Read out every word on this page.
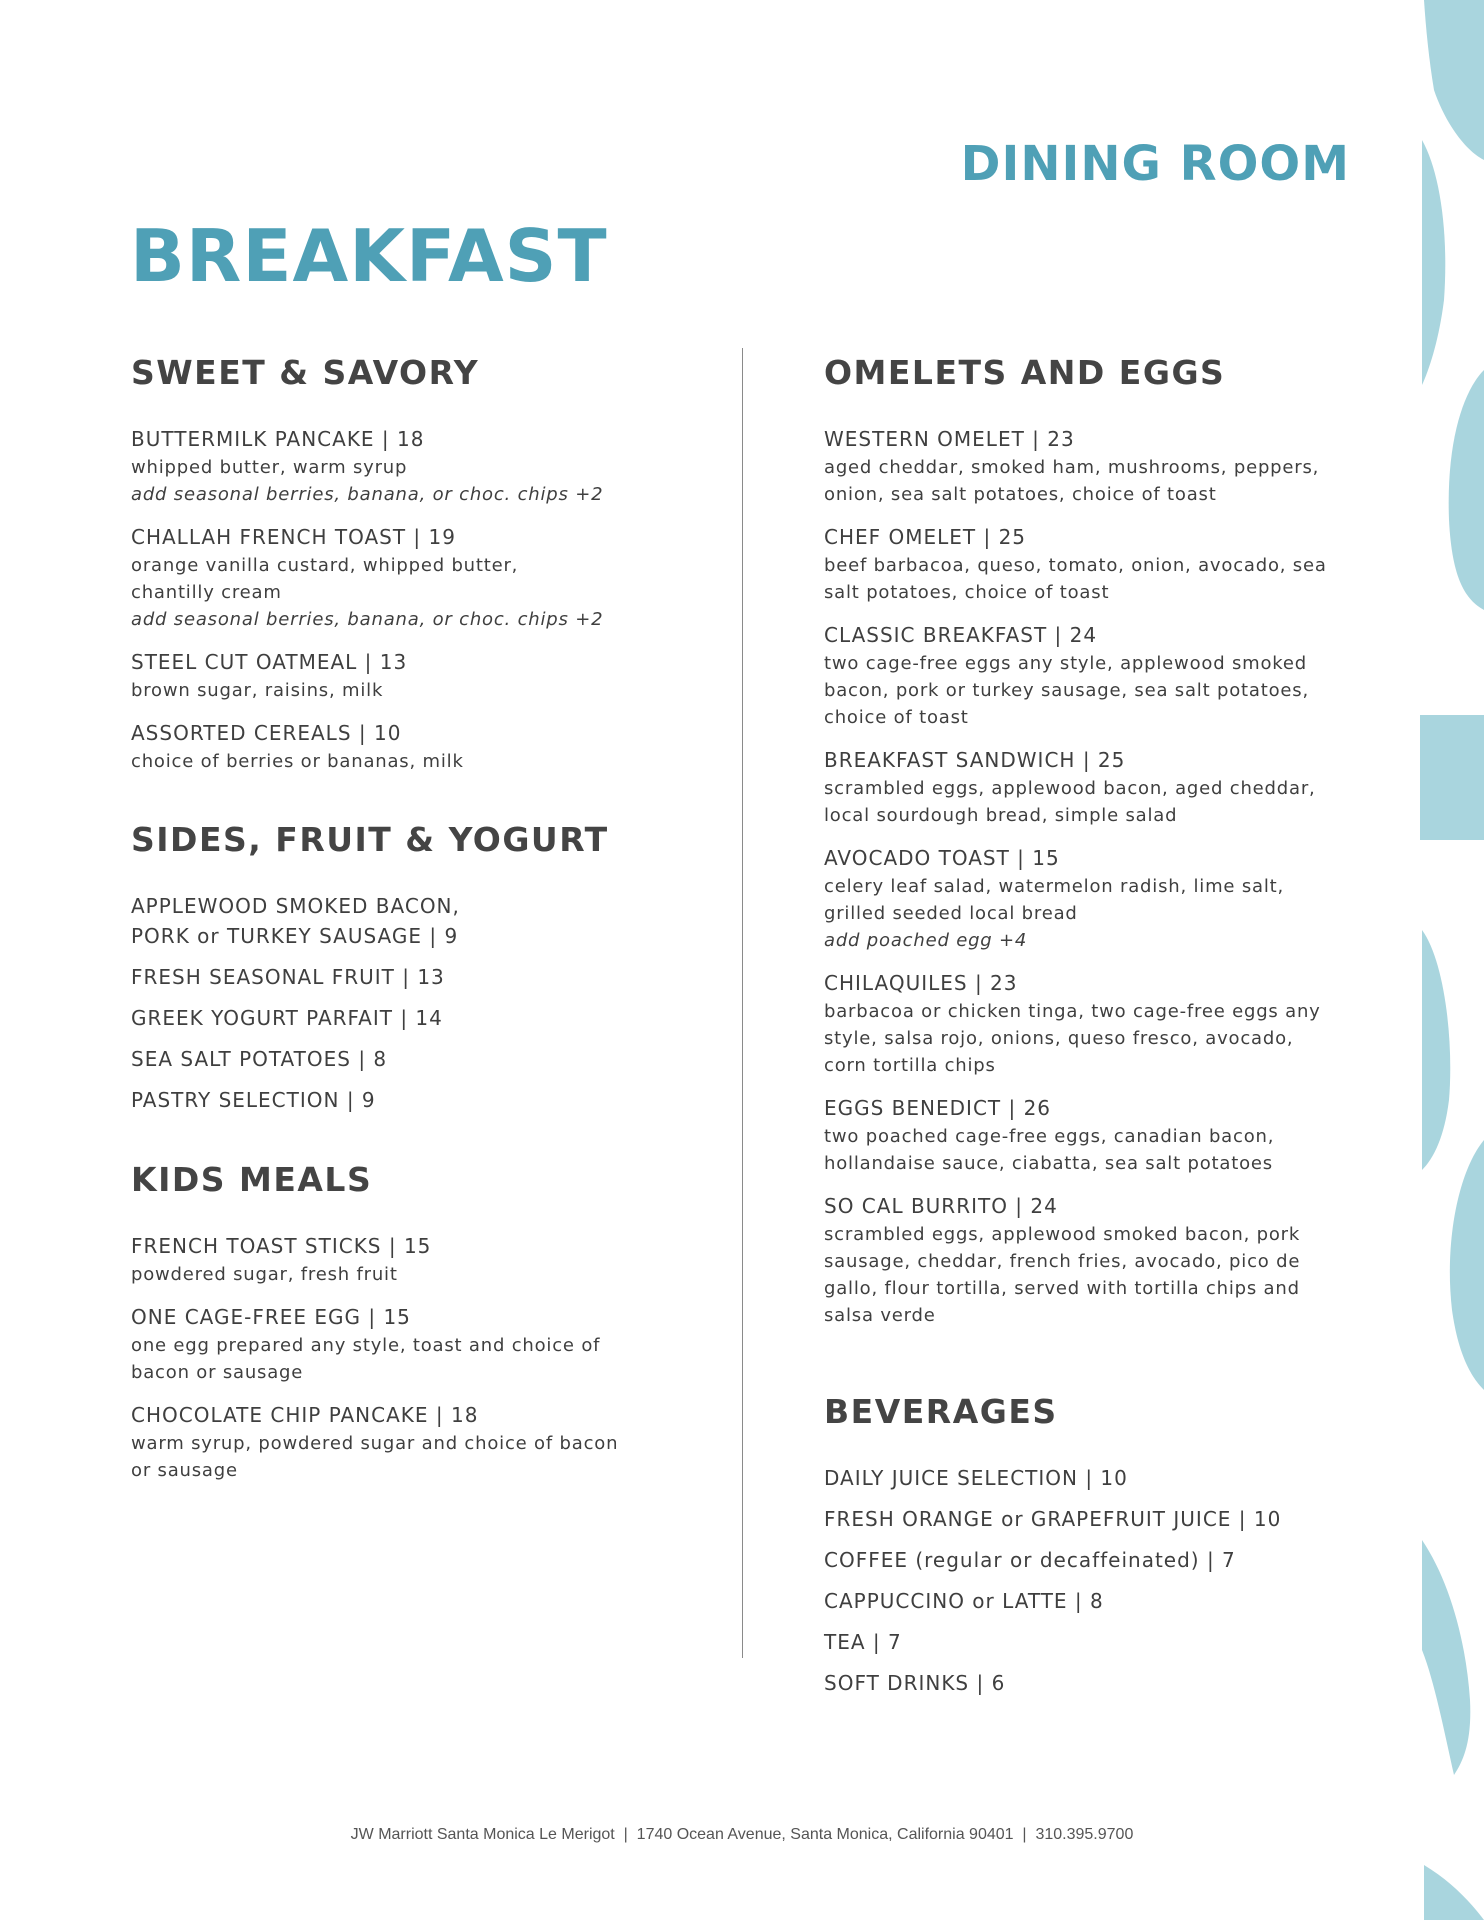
DINING ROOM
BREAKFAST
SWEET & SAVORY
BUTTERMILK PANCAKE | 18
whipped butter, warm syrup
add seasonal berries, banana, or choc. chips +2
CHALLAH FRENCH TOAST | 19
orange vanilla custard, whipped butter,
chantilly cream
add seasonal berries, banana, or choc. chips +2
STEEL CUT OATMEAL | 13
brown sugar, raisins, milk
ASSORTED CEREALS | 10
choice of berries or bananas, milk
SIDES, FRUIT & YOGURT
APPLEWOOD SMOKED BACON,
PORK or TURKEY SAUSAGE | 9
FRESH SEASONAL FRUIT | 13
GREEK YOGURT PARFAIT | 14
SEA SALT POTATOES | 8
PASTRY SELECTION | 9
KIDS MEALS
FRENCH TOAST STICKS | 15
powdered sugar, fresh fruit
ONE CAGE-FREE EGG | 15
one egg prepared any style, toast and choice of
bacon or sausage
CHOCOLATE CHIP PANCAKE | 18
warm syrup, powdered sugar and choice of bacon
or sausage
OMELETS AND EGGS
WESTERN OMELET | 23
aged cheddar, smoked ham, mushrooms, peppers,
onion, sea salt potatoes, choice of toast
CHEF OMELET | 25
beef barbacoa, queso, tomato, onion, avocado, sea
salt potatoes, choice of toast
CLASSIC BREAKFAST | 24
two cage-free eggs any style, applewood smoked
bacon, pork or turkey sausage, sea salt potatoes,
choice of toast
BREAKFAST SANDWICH | 25
scrambled eggs, applewood bacon, aged cheddar,
local sourdough bread, simple salad
AVOCADO TOAST | 15
celery leaf salad, watermelon radish, lime salt,
grilled seeded local bread
add poached egg +4
CHILAQUILES | 23
barbacoa or chicken tinga, two cage-free eggs any
style, salsa rojo, onions, queso fresco, avocado,
corn tortilla chips
EGGS BENEDICT | 26
two poached cage-free eggs, canadian bacon,
hollandaise sauce, ciabatta, sea salt potatoes
SO CAL BURRITO | 24
scrambled eggs, applewood smoked bacon, pork
sausage, cheddar, french fries, avocado, pico de
gallo, flour tortilla, served with tortilla chips and
salsa verde
BEVERAGES
DAILY JUICE SELECTION | 10
FRESH ORANGE or GRAPEFRUIT JUICE | 10
COFFEE (regular or decaffeinated) | 7
CAPPUCCINO or LATTE | 8
TEA | 7
SOFT DRINKS | 6
JW Marriott Santa Monica Le Merigot  |  1740 Ocean Avenue, Santa Monica, California 90401  |  310.395.9700
